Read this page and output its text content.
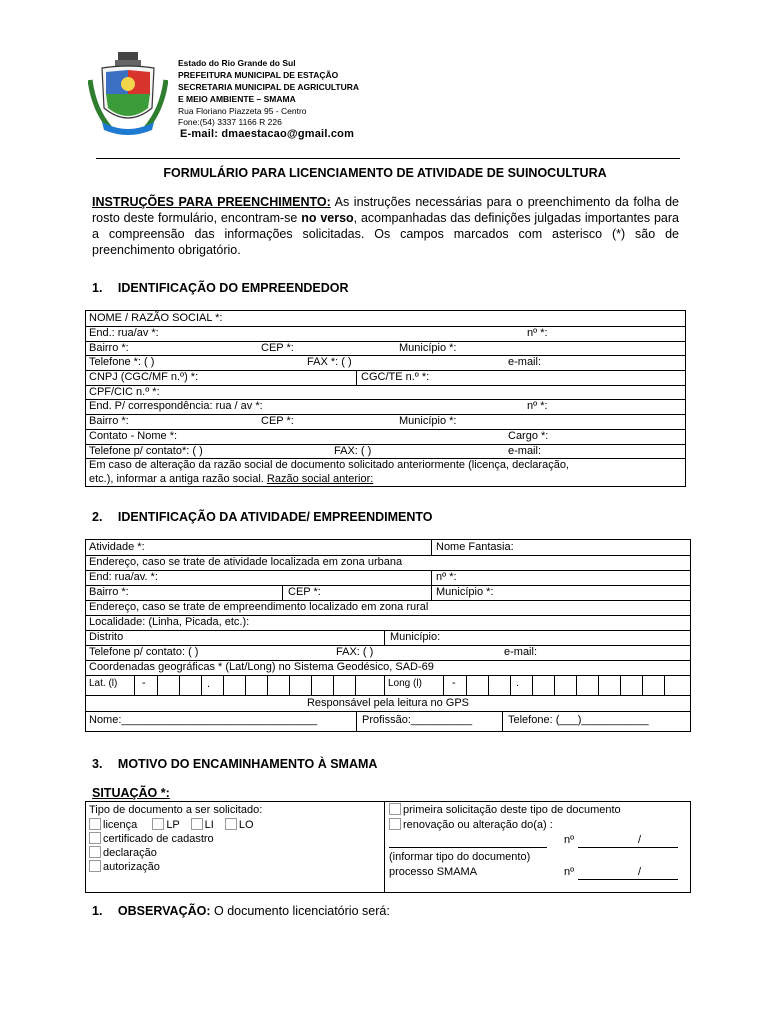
Estado do Rio Grande do Sul
PREFEITURA MUNICIPAL DE ESTAÇÃO
SECRETARIA MUNICIPAL DE AGRICULTURA
E MEIO AMBIENTE – SMAMA
Rua Floriano Piazzeta 95 - Centro
Fone:(54) 3337 1166 R 226
E-mail: dmaestacao@gmail.com
FORMULÁRIO PARA LICENCIAMENTO DE ATIVIDADE DE SUINOCULTURA
INSTRUÇÕES PARA PREENCHIMENTO: As instruções necessárias para o preenchimento da folha de rosto deste formulário, encontram-se no verso, acompanhadas das definições julgadas importantes para a compreensão das informações solicitadas. Os campos marcados com asterisco (*) são de preenchimento obrigatório.
1. IDENTIFICAÇÃO DO EMPREENDEDOR
NOME / RAZÃO SOCIAL *:
End.: rua/av *:	nº *:
Bairro *:	CEP *:	Município *:
Telefone *: ( )	FAX *: ( )	e-mail:
CNPJ (CGC/MF n.º) *:	CGC/TE n.º *:
CPF/CIC n.º *:
End. P/ correspondência: rua / av *:	nº *:
Bairro *:	CEP *:	Município *:
Contato - Nome *:	Cargo *:
Telefone p/ contato*: ( )	FAX: ( )	e-mail:
Em caso de alteração da razão social de documento solicitado anteriormente (licença, declaração,
etc.), informar a antiga razão social. Razão social anterior:
2. IDENTIFICAÇÃO DA ATIVIDADE/ EMPREENDIMENTO
Atividade *:	Nome Fantasia:
Endereço, caso se trate de atividade localizada em zona urbana
End: rua/av. *:	nº *:
Bairro *:	CEP *:	Município *:
Endereço, caso se trate de empreendimento localizado em zona rural
Localidade: (Linha, Picada, etc.):
Distrito	Município:
Telefone p/ contato: ( )	FAX: ( )	e-mail:
Coordenadas geográficas * (Lat/Long) no Sistema Geodésico, SAD-69
Lat. (l) -	.	Long (l)	-	.
Responsável pela leitura no GPS
Nome:________________________________	Profissão:__________	Telefone: (___)___________
3. MOTIVO DO ENCAMINHAMENTO À SMAMA
SITUAÇÃO *:
Tipo de documento a ser solicitado:
licença	LP LI LO
certificado de cadastro
declaração
autorização
primeira solicitação deste tipo de documento
renovação ou alteração do(a) :
nº	/
(informar tipo do documento)
processo SMAMA	nº	/
1. OBSERVAÇÃO: O documento licenciatório será:
